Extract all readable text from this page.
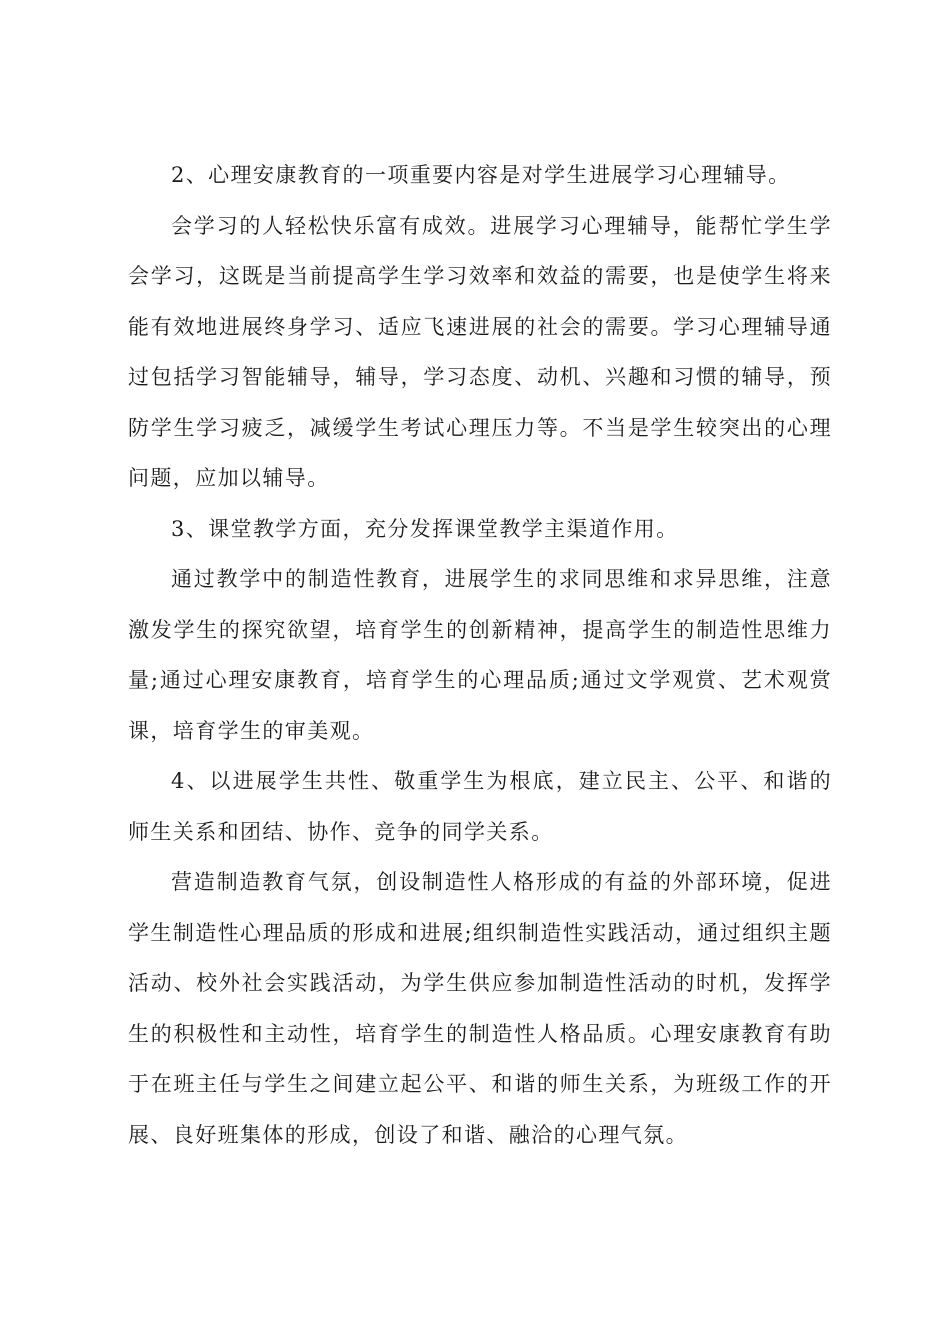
2、心理安康教育的一项重要内容是对学生进展学习心理辅导。

会学习的人轻松快乐富有成效。进展学习心理辅导，能帮忙学生学会学习，这既是当前提高学生学习效率和效益的需要，也是使学生将来能有效地进展终身学习、适应飞速进展的社会的需要。学习心理辅导通过包括学习智能辅导，辅导，学习态度、动机、兴趣和习惯的辅导，预防学生学习疲乏，减缓学生考试心理压力等。不当是学生较突出的心理问题，应加以辅导。

3、课堂教学方面，充分发挥课堂教学主渠道作用。

通过教学中的制造性教育，进展学生的求同思维和求异思维，注意激发学生的探究欲望，培育学生的创新精神，提高学生的制造性思维力量;通过心理安康教育，培育学生的心理品质;通过文学观赏、艺术观赏课，培育学生的审美观。

4、以进展学生共性、敬重学生为根底，建立民主、公平、和谐的师生关系和团结、协作、竞争的同学关系。

营造制造教育气氛，创设制造性人格形成的有益的外部环境，促进学生制造性心理品质的形成和进展;组织制造性实践活动，通过组织主题活动、校外社会实践活动，为学生供应参加制造性活动的时机，发挥学生的积极性和主动性，培育学生的制造性人格品质。心理安康教育有助于在班主任与学生之间建立起公平、和谐的师生关系，为班级工作的开展、良好班集体的形成，创设了和谐、融洽的心理气氛。
